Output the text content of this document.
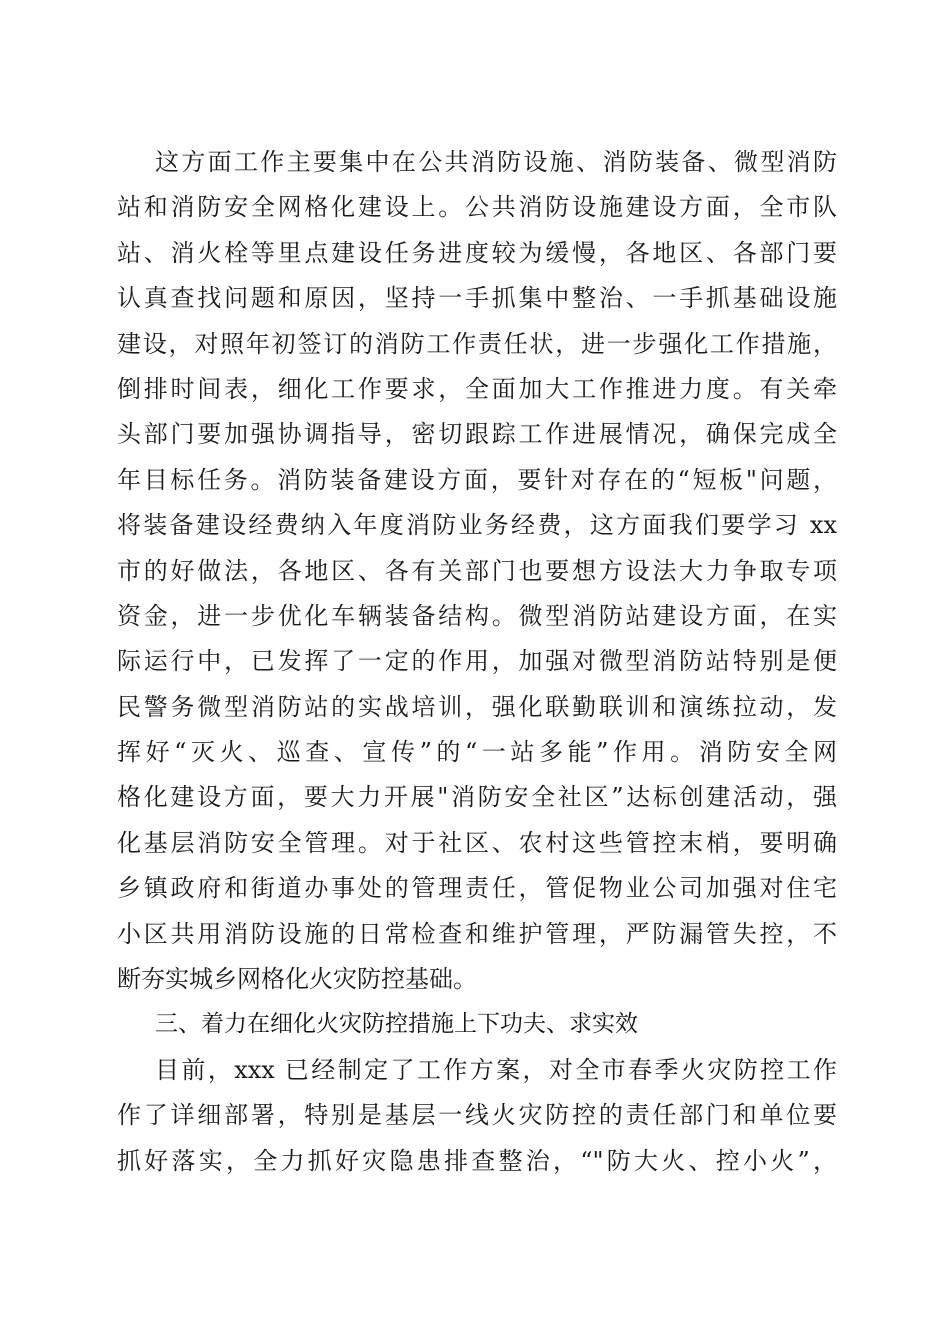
这方面工作主要集中在公共消防设施、消防装备、微型消防
站和消防安全网格化建设上。公共消防设施建设方面，全市队
站、消火栓等里点建设任务进度较为缓慢，各地区、各部门要
认真查找问题和原因，坚持一手抓集中整治、一手抓基础设施
建设，对照年初签订的消防工作责任状，进一步强化工作措施，
倒排时间表，细化工作要求，全面加大工作推进力度。有关牵
头部门要加强协调指导，密切跟踪工作进展情况，确保完成全
年目标任务。消防装备建设方面，要针对存在的“短板"问题，
将装备建设经费纳入年度消防业务经费，这方面我们要学习 xx
市的好做法，各地区、各有关部门也要想方设法大力争取专项
资金，进一步优化车辆装备结构。微型消防站建设方面，在实
际运行中，已发挥了一定的作用，加强对微型消防站特别是便
民警务微型消防站的实战培训，强化联勤联训和演练拉动，发
挥好“灭火、巡查、宣传”的“一站多能”作用。消防安全网
格化建设方面，要大力开展"消防安全社区”达标创建活动，强
化基层消防安全管理。对于社区、农村这些管控末梢，要明确
乡镇政府和街道办事处的管理责任，管促物业公司加强对住宅
小区共用消防设施的日常检查和维护管理，严防漏管失控，不
断夯实城乡网格化火灾防控基础。
三、着力在细化火灾防控措施上下功夫、求实效
目前，xxx 已经制定了工作方案，对全市春季火灾防控工作
作了详细部署，特别是基层一线火灾防控的责任部门和单位要
抓好落实，全力抓好灾隐患排查整治，“"防大火、控小火”，
